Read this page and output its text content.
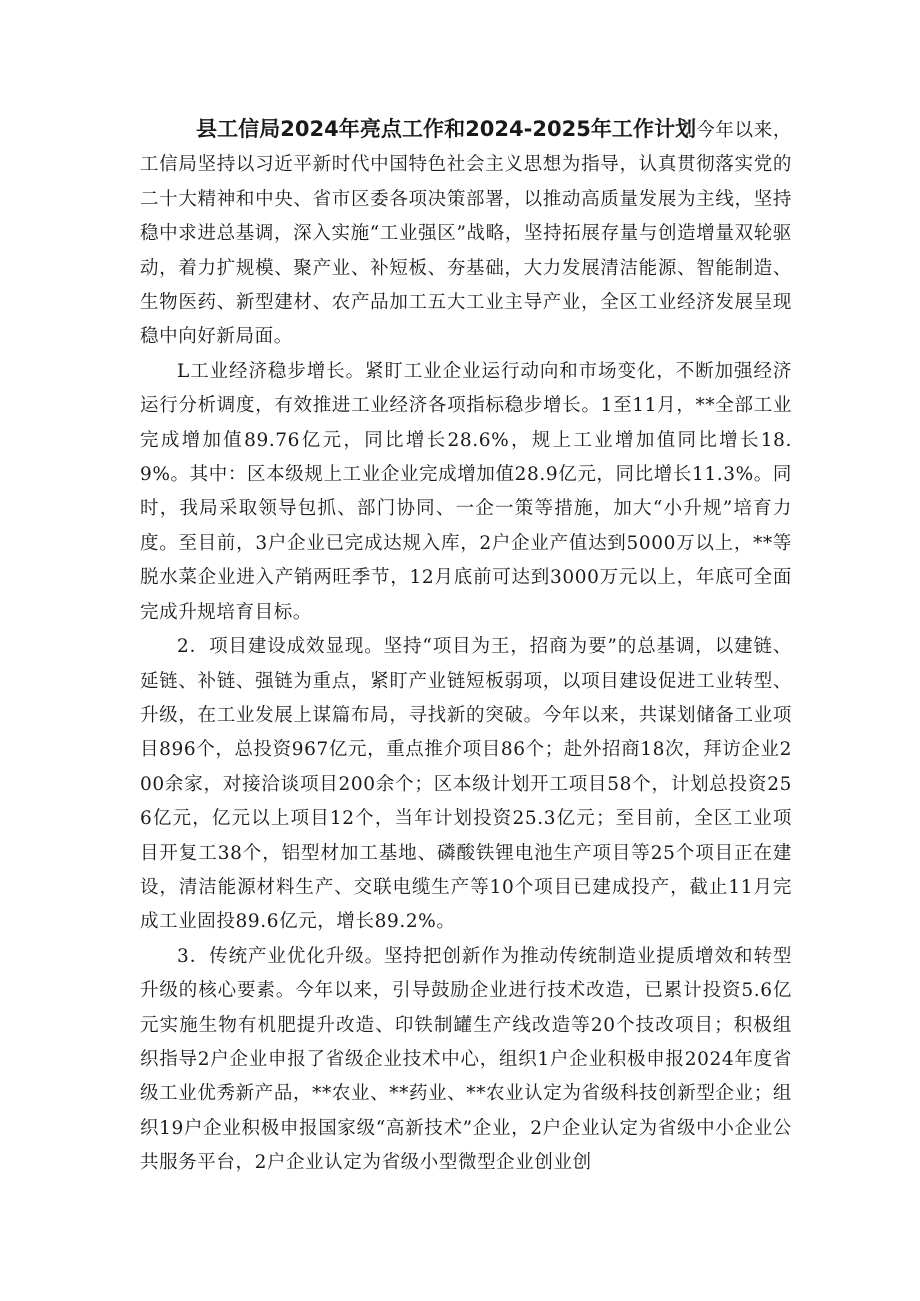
县工信局2024年亮点工作和2024-2025年工作计划今年以来，工信局坚持以习近平新时代中国特色社会主义思想为指导，认真贯彻落实党的二十大精神和中央、省市区委各项决策部署，以推动高质量发展为主线，坚持稳中求进总基调，深入实施“工业强区”战略，坚持拓展存量与创造增量双轮驱动，着力扩规模、聚产业、补短板、夯基础，大力发展清洁能源、智能制造、生物医药、新型建材、农产品加工五大工业主导产业，全区工业经济发展呈现稳中向好新局面。

L工业经济稳步增长。紧盯工业企业运行动向和市场变化，不断加强经济运行分析调度，有效推进工业经济各项指标稳步增长。1至11月，**全部工业完成增加值89.76亿元，同比增长28.6%，规上工业增加值同比增长18.9%。其中：区本级规上工业企业完成增加值28.9亿元，同比增长11.3%。同时，我局采取领导包抓、部门协同、一企一策等措施，加大“小升规”培育力度。至目前，3户企业已完成达规入库，2户企业产值达到5000万以上，**等脱水菜企业进入产销两旺季节，12月底前可达到3000万元以上，年底可全面完成升规培育目标。

2．项目建设成效显现。坚持“项目为王，招商为要”的总基调，以建链、延链、补链、强链为重点，紧盯产业链短板弱项，以项目建设促进工业转型、升级，在工业发展上谋篇布局，寻找新的突破。今年以来，共谋划储备工业项目896个，总投资967亿元，重点推介项目86个；赴外招商18次，拜访企业200余家，对接洽谈项目200余个；区本级计划开工项目58个，计划总投资256亿元，亿元以上项目12个，当年计划投资25.3亿元；至目前，全区工业项目开复工38个，铝型材加工基地、磷酸铁锂电池生产项目等25个项目正在建设，清洁能源材料生产、交联电缆生产等10个项目已建成投产，截止11月完成工业固投89.6亿元，增长89.2%。

3．传统产业优化升级。坚持把创新作为推动传统制造业提质增效和转型升级的核心要素。今年以来，引导鼓励企业进行技术改造，已累计投资5.6亿元实施生物有机肥提升改造、印铁制罐生产线改造等20个技改项目；积极组织指导2户企业申报了省级企业技术中心，组织1户企业积极申报2024年度省级工业优秀新产品，**农业、**药业、**农业认定为省级科技创新型企业；组织19户企业积极申报国家级“高新技术”企业，2户企业认定为省级中小企业公共服务平台，2户企业认定为省级小型微型企业创业创
